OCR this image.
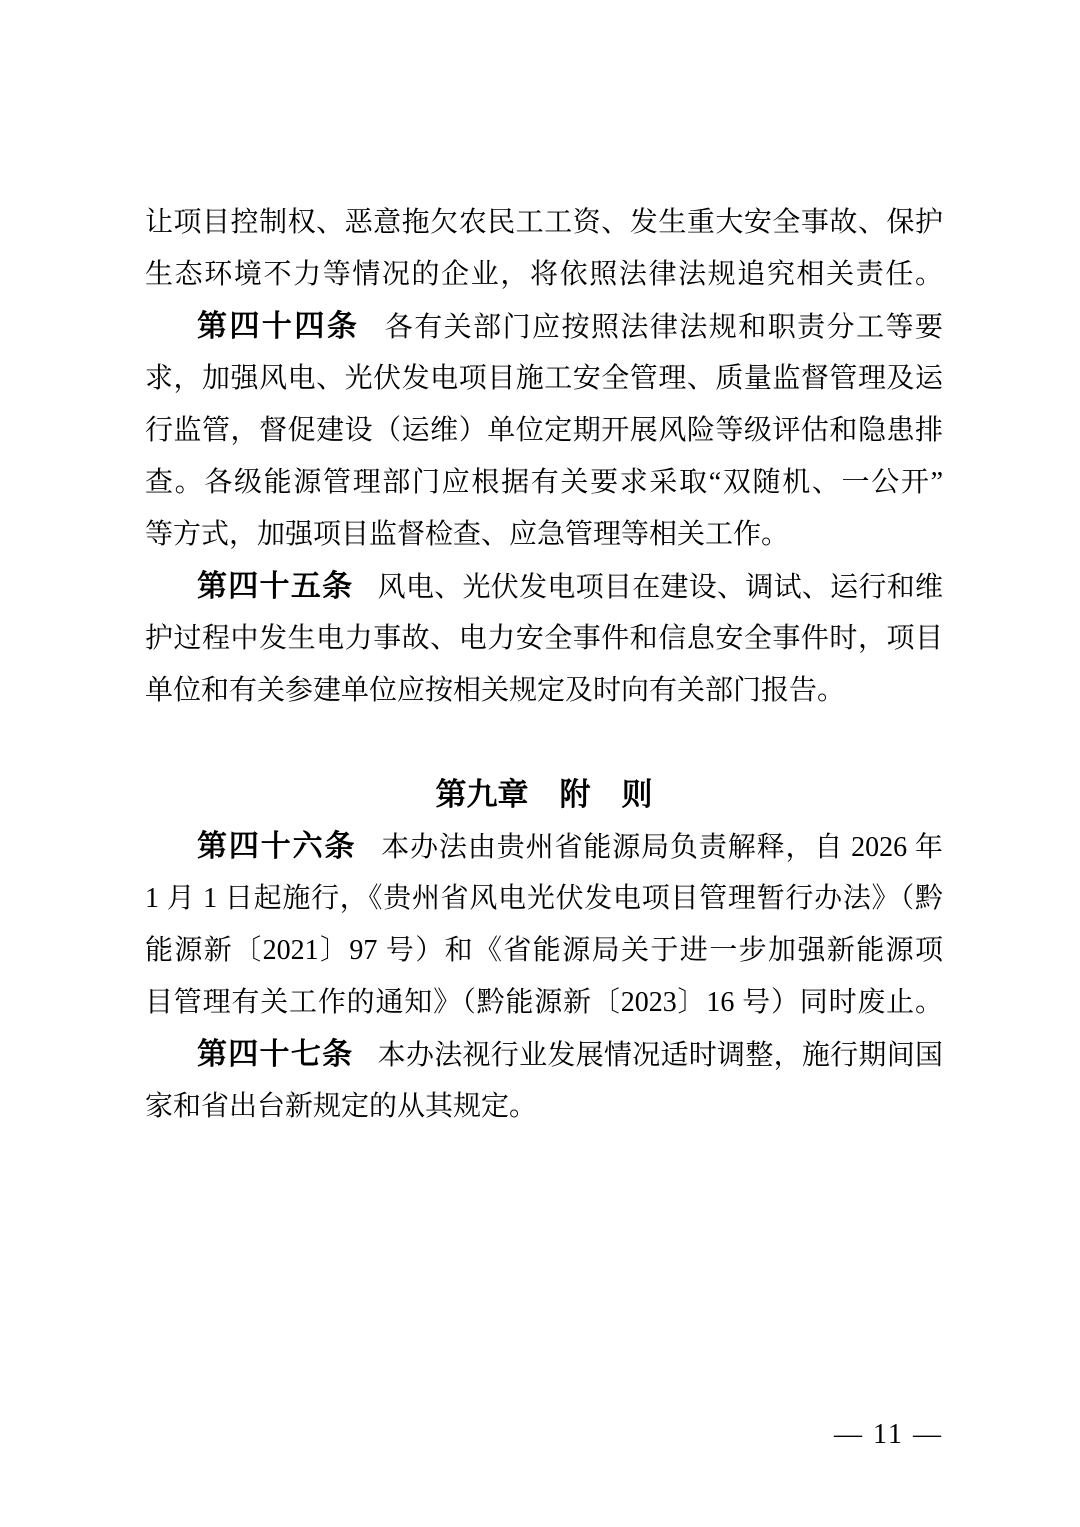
让项目控制权、恶意拖欠农民工工资、发生重大安全事故、保护
生态环境不力等情况的企业，将依照法律法规追究相关责任。
第四十四条 各有关部门应按照法律法规和职责分工等要
求，加强风电、光伏发电项目施工安全管理、质量监督管理及运
行监管，督促建设（运维）单位定期开展风险等级评估和隐患排
查。各级能源管理部门应根据有关要求采取“双随机、一公开”
等方式，加强项目监督检查、应急管理等相关工作。
第四十五条 风电、光伏发电项目在建设、调试、运行和维
护过程中发生电力事故、电力安全事件和信息安全事件时，项目
单位和有关参建单位应按相关规定及时向有关部门报告。
第九章　附　则
第四十六条 本办法由贵州省能源局负责解释，自 2026 年
1 月 1 日起施行，《贵州省风电光伏发电项目管理暂行办法》（黔
能源新〔2021〕97 号）和《省能源局关于进一步加强新能源项
目管理有关工作的通知》（黔能源新〔2023〕16 号）同时废止。
第四十七条 本办法视行业发展情况适时调整，施行期间国
家和省出台新规定的从其规定。
— 11 —
